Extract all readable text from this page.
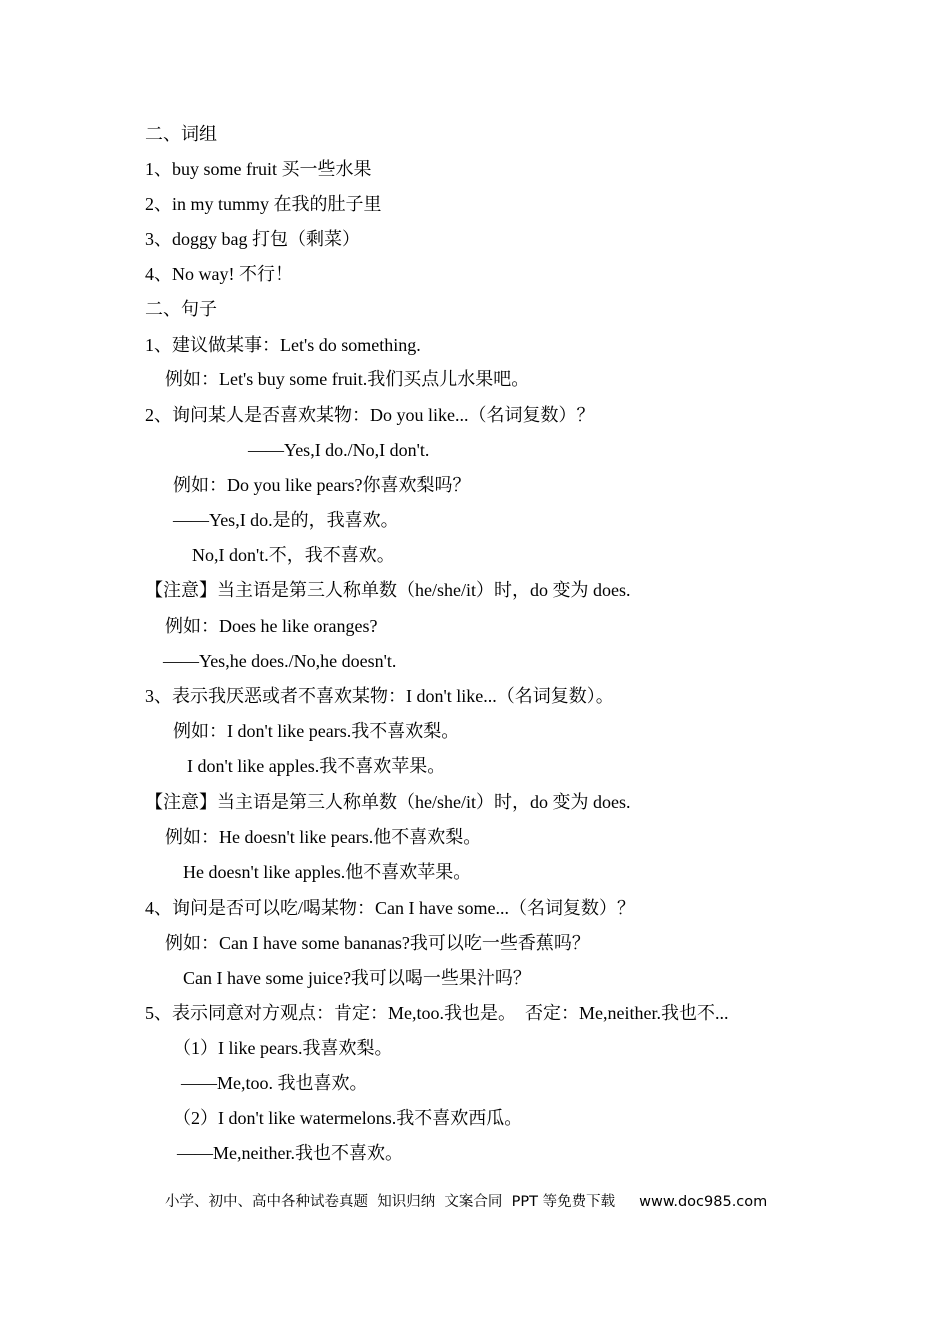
二、词组
1、buy some fruit 买一些水果
2、in my tummy 在我的肚子里
3、doggy bag 打包（剩菜）
4、No way! 不行！
二、句子
1、建议做某事：Let's do something.
例如：Let's buy some fruit.我们买点儿水果吧。
2、询问某人是否喜欢某物：Do you like...（名词复数）？
——Yes,I do./No,I don't.
例如：Do you like pears?你喜欢梨吗？
——Yes,I do.是的，我喜欢。
No,I don't.不，我不喜欢。
【注意】当主语是第三人称单数（he/she/it）时，do 变为 does.
例如：Does he like oranges?
——Yes,he does./No,he doesn't.
3、表示我厌恶或者不喜欢某物：I don't like...（名词复数）。
例如：I don't like pears.我不喜欢梨。
I don't like apples.我不喜欢苹果。
【注意】当主语是第三人称单数（he/she/it）时，do 变为 does.
例如：He doesn't like pears.他不喜欢梨。
He doesn't like apples.他不喜欢苹果。
4、询问是否可以吃/喝某物：Can I have some...（名词复数）？
例如：Can I have some bananas?我可以吃一些香蕉吗？
Can I have some juice?我可以喝一些果汁吗？
5、表示同意对方观点：肯定：Me,too.我也是。  否定：Me,neither.我也不...
（1）I like pears.我喜欢梨。
——Me,too. 我也喜欢。
（2）I don't like watermelons.我不喜欢西瓜。
——Me,neither.我也不喜欢。
小学、初中、高中各种试卷真题  知识归纳  文案合同  PPT 等免费下载 www.doc985.com
